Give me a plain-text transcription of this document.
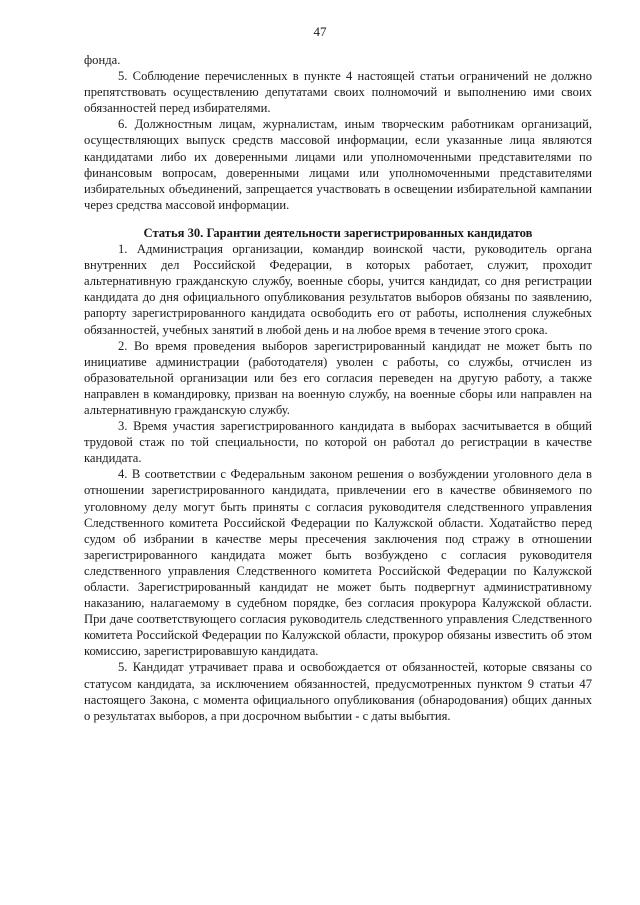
47

фонда.

5. Соблюдение перечисленных в пункте 4 настоящей статьи ограничений не должно препятствовать осуществлению депутатами своих полномочий и выполнению ими своих обязанностей перед избирателями.

6. Должностным лицам, журналистам, иным творческим работникам организаций, осуществляющих выпуск средств массовой информации, если указанные лица являются кандидатами либо их доверенными лицами или уполномоченными представителями по финансовым вопросам, доверенными лицами или уполномоченными представителями избирательных объединений, запрещается участвовать в освещении избирательной кампании через средства массовой информации.

Статья 30. Гарантии деятельности зарегистрированных кандидатов

1. Администрация организации, командир воинской части, руководитель органа внутренних дел Российской Федерации, в которых работает, служит, проходит альтернативную гражданскую службу, военные сборы, учится кандидат, со дня регистрации кандидата до дня официального опубликования результатов выборов обязаны по заявлению, рапорту зарегистрированного кандидата освободить его от работы, исполнения служебных обязанностей, учебных занятий в любой день и на любое время в течение этого срока.

2. Во время проведения выборов зарегистрированный кандидат не может быть по инициативе администрации (работодателя) уволен с работы, со службы, отчислен из образовательной организации или без его согласия переведен на другую работу, а также направлен в командировку, призван на военную службу, на военные сборы или направлен на альтернативную гражданскую службу.

3. Время участия зарегистрированного кандидата в выборах засчитывается в общий трудовой стаж по той специальности, по которой он работал до регистрации в качестве кандидата.

4. В соответствии с Федеральным законом решения о возбуждении уголовного дела в отношении зарегистрированного кандидата, привлечении его в качестве обвиняемого по уголовному делу могут быть приняты с согласия руководителя следственного управления Следственного комитета Российской Федерации по Калужской области. Ходатайство перед судом об избрании в качестве меры пресечения заключения под стражу в отношении зарегистрированного кандидата может быть возбуждено с согласия руководителя следственного управления Следственного комитета Российской Федерации по Калужской области. Зарегистрированный кандидат не может быть подвергнут административному наказанию, налагаемому в судебном порядке, без согласия прокурора Калужской области. При даче соответствующего согласия руководитель следственного управления Следственного комитета Российской Федерации по Калужской области, прокурор обязаны известить об этом комиссию, зарегистрировавшую кандидата.

5. Кандидат утрачивает права и освобождается от обязанностей, которые связаны со статусом кандидата, за исключением обязанностей, предусмотренных пунктом 9 статьи 47 настоящего Закона, с момента официального опубликования (обнародования) общих данных о результатах выборов, а при досрочном выбытии - с даты выбытия.
